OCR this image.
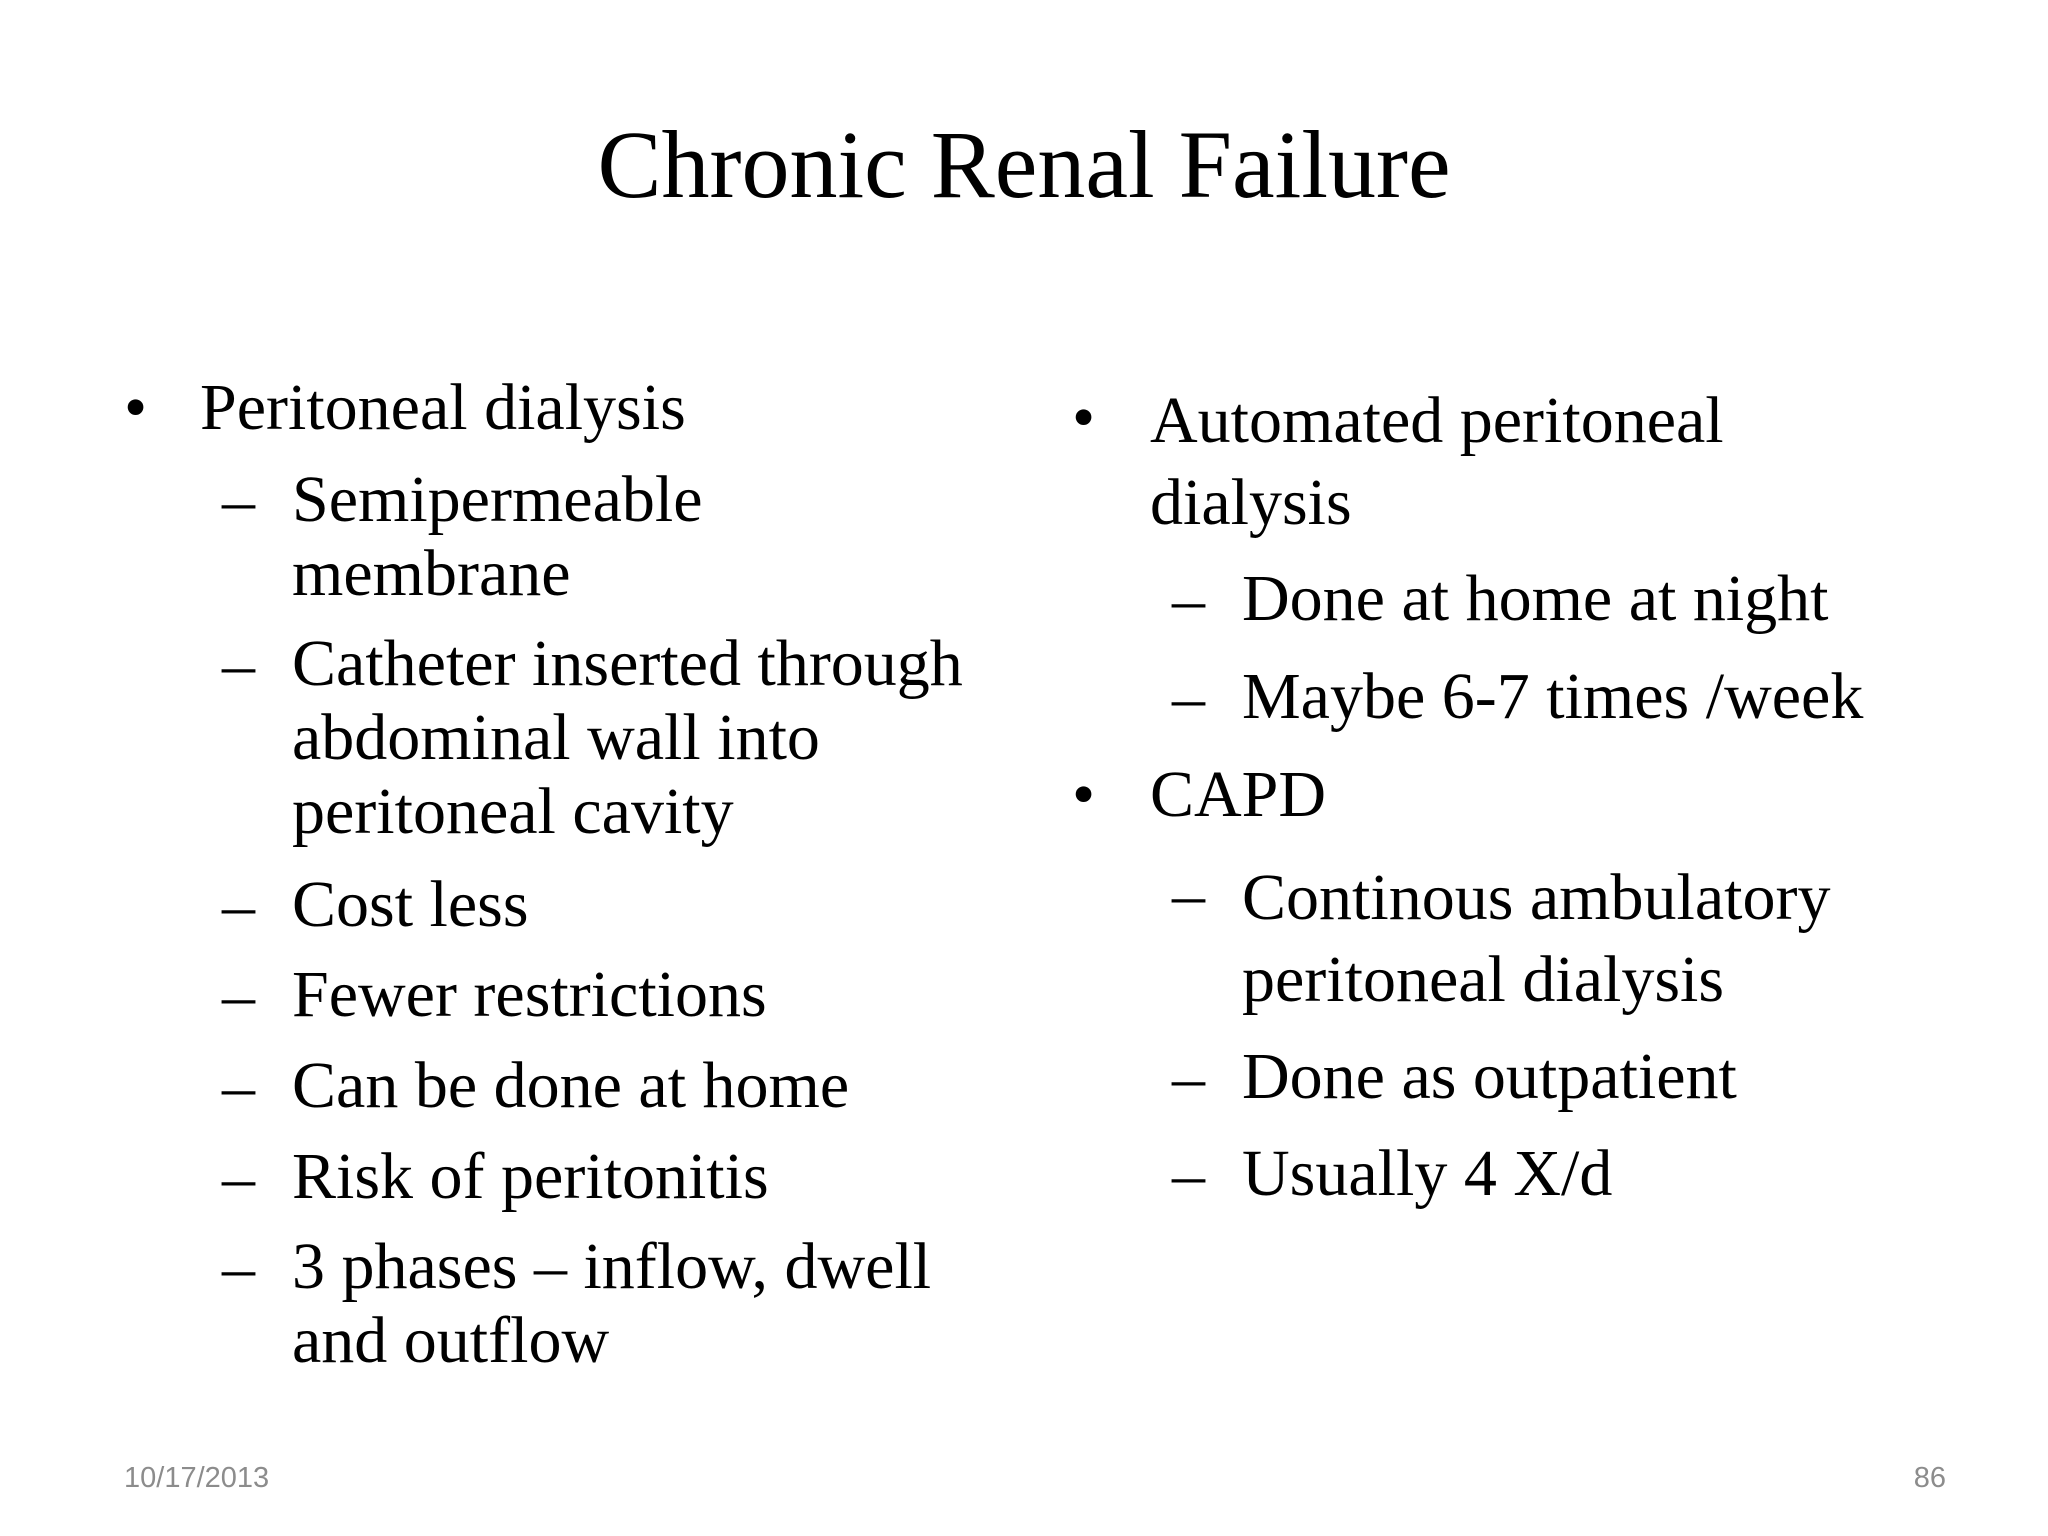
Chronic Renal Failure
• Peritoneal dialysis
– Semipermeable membrane
– Catheter inserted through abdominal wall into peritoneal cavity
– Cost less
– Fewer restrictions
– Can be done at home
– Risk of peritonitis
– 3 phases – inflow, dwell and outflow
• Automated peritoneal dialysis
– Done at home at night
– Maybe 6-7 times /week
• CAPD
– Continous ambulatory peritoneal dialysis
– Done as outpatient
– Usually 4 X/d
10/17/2013	86
